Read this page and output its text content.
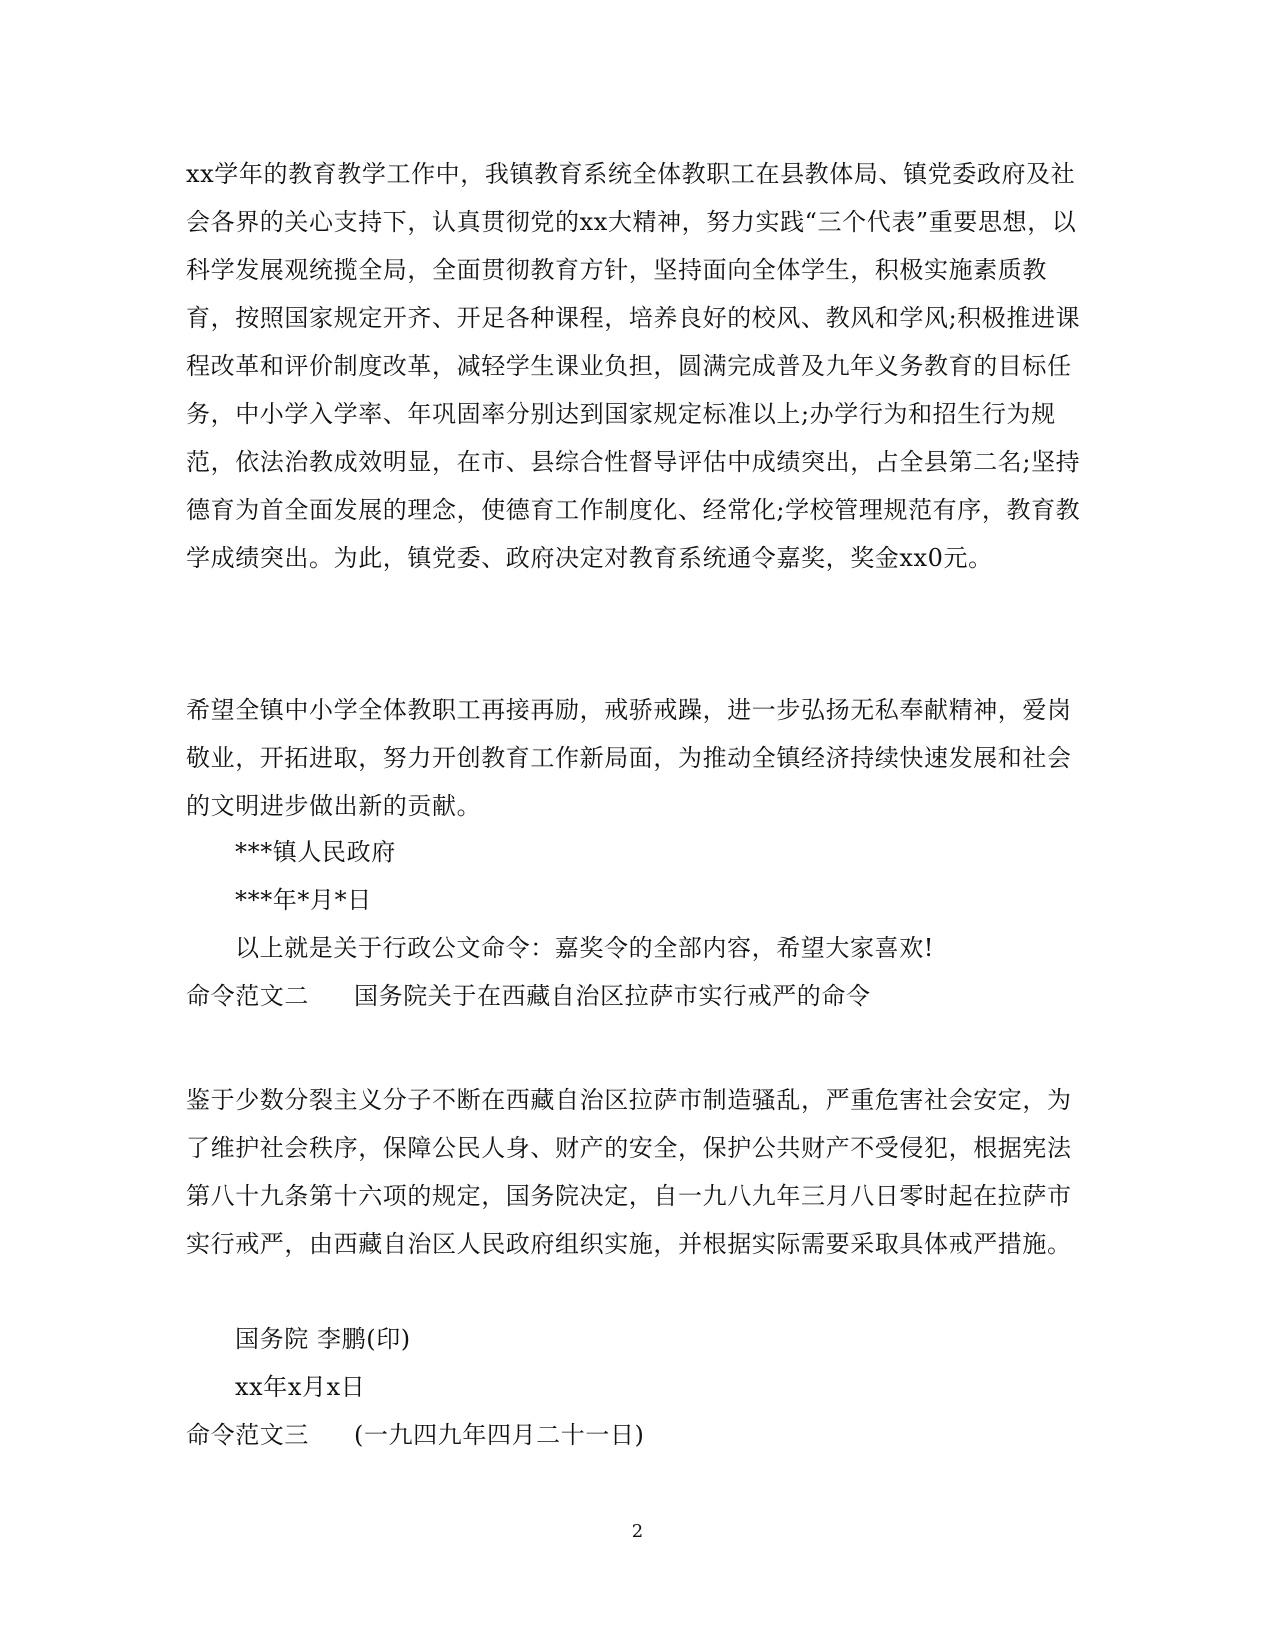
xx学年的教育教学工作中，我镇教育系统全体教职工在县教体局、镇党委政府及社会各界的关心支持下，认真贯彻党的xx大精神，努力实践“三个代表”重要思想，以科学发展观统揽全局，全面贯彻教育方针，坚持面向全体学生，积极实施素质教育，按照国家规定开齐、开足各种课程，培养良好的校风、教风和学风;积极推进课程改革和评价制度改革，减轻学生课业负担，圆满完成普及九年义务教育的目标任务，中小学入学率、年巩固率分别达到国家规定标准以上;办学行为和招生行为规范，依法治教成效明显，在市、县综合性督导评估中成绩突出，占全县第二名;坚持德育为首全面发展的理念，使德育工作制度化、经常化;学校管理规范有序，教育教学成绩突出。为此，镇党委、政府决定对教育系统通令嘉奖，奖金xx0元。

希望全镇中小学全体教职工再接再励，戒骄戒躁，进一步弘扬无私奉献精神，爱岗敬业，开拓进取，努力开创教育工作新局面，为推动全镇经济持续快速发展和社会的文明进步做出新的贡献。

***镇人民政府
***年*月*日
以上就是关于行政公文命令：嘉奖令的全部内容，希望大家喜欢!
命令范文二 国务院关于在西藏自治区拉萨市实行戒严的命令

鉴于少数分裂主义分子不断在西藏自治区拉萨市制造骚乱，严重危害社会安定，为了维护社会秩序，保障公民人身、财产的安全，保护公共财产不受侵犯，根据宪法第八十九条第十六项的规定，国务院决定，自一九八九年三月八日零时起在拉萨市实行戒严，由西藏自治区人民政府组织实施，并根据实际需要采取具体戒严措施。

国务院 李鹏(印)
xx年x月x日
命令范文三 (一九四九年四月二十一日)
2
